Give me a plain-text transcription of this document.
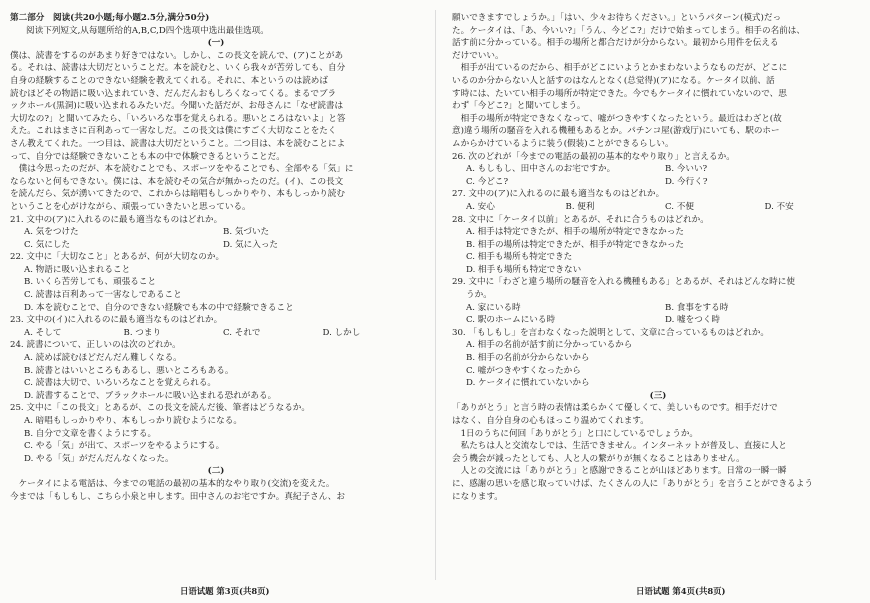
第二部分　阅读(共20小题;每小题2.5分,满分50分)
阅读下列短文,从每题所给的A,B,C,D四个选项中选出最佳选项。
(一)
僕は、読書をするのがあまり好きではない。しかし、この長文を読んで、(ア)ことがあ
る。それは、読書は大切だということだ。本を読むと、いくら我々が苦労しても、自分
自身の経験することのできない経験を教えてくれる。それに、本というのは読めば
読むほどその物語に吸い込まれていき、だんだんおもしろくなってくる。まるでブラ
ックホール(黒洞)に吸い込まれるみたいだ。今聞いた話だが、お母さんに「なぜ読書は
大切なの?」と聞いてみたら、「いろいろな事を覚えられる。悪いところはないよ」と答
えた。これはまさに百利あって一害なしだ。この長文は僕にすごく大切なことをたく
さん教えてくれた。一つ目は、読書は大切だということ。二つ目は、本を読むことによ
って、自分では経験できないことも本の中で体験できるということだ。
　僕は今思ったのだが、本を読むことでも、スポーツをやることでも、全部やる「気」に
ならないと何もできない。僕には、本を読むその気合が無かったのだ。(イ)、この長文
を読んだら、気が湧いてきたので、これからは暗唱もしっかりやり、本もしっかり読む
ということを心がけながら、頑張っていきたいと思っている。
21. 文中の(ア)に入れるのに最も適当なものはどれか。
A. 気をつけた	B. 気づいた
C. 気にした	D. 気に入った
22. 文中に「大切なこと」とあるが、何が大切なのか。
A. 物語に吸い込まれること
B. いくら苦労しても、頑張ること
C. 読書は百利あって一害なしであること
D. 本を読むことで、自分のできない経験でも本の中で経験できること
23. 文中の(イ)に入れるのに最も適当なものはどれか。
A. そして	B. つまり	C. それで	D. しかし
24. 読書について、正しいのは次のどれか。
A. 読めば読むほどだんだん難しくなる。
B. 読書とはいいところもあるし、悪いところもある。
C. 読書は大切で、いろいろなことを覚えられる。
D. 読書することで、ブラックホールに吸い込まれる恐れがある。
25. 文中に「この長文」とあるが、この長文を読んだ後、筆者はどうなるか。
A. 暗唱もしっかりやり、本もしっかり読むようになる。
B. 自分で文章を書くようにする。
C. やる「気」が出て、スポーツをやるようにする。
D. やる「気」がだんだんなくなった。
(二)
　ケータイによる電話は、今までの電話の最初の基本的なやり取り(交流)を変えた。
今までは「もしもし、こちら小泉と申します。田中さんのお宅ですか。真紀子さん、お
願いできますでしょうか。」「はい、少々お待ちください。」というパターン(模式)だっ
た。ケータイは、「あ、今いい?」「うん、今どこ?」だけで始まってしまう。相手の名前は、
話す前に分かっている。相手の場所と都合だけが分からない。最初から用件を伝える
だけでいい。
　相手が出ているのだから、相手がどこにいようとかまわないようなものだが、どこに
いるのか分からない人と話すのはなんとなく(总觉得)(ア)になる。ケータイ以前、話
す時には、たいてい相手の場所が特定できた。今でもケータイに慣れていないので、思
わず「今どこ?」と聞いてしまう。
　相手の場所が特定できなくなって、嘘がつきやすくなったという。最近はわざと(故
意)違う場所の騒音を入れる機種もあるとか。パチンコ屋(游戏厅)にいても、駅のホー
ムからかけているように装う(假装)ことができるらしい。
26. 次のどれが「今までの電話の最初の基本的なやり取り」と言えるか。
A. もしもし、田中さんのお宅ですか。	B. 今いい?
C. 今どこ?	D. 今行く?
27. 文中の(ア)に入れるのに最も適当なものはどれか。
A. 安心	B. 便利	C. 不便	D. 不安
28. 文中に「ケータイ以前」とあるが、それに合うものはどれか。
A. 相手は特定できたが、相手の場所が特定できなかった
B. 相手の場所は特定できたが、相手が特定できなかった
C. 相手も場所も特定できた
D. 相手も場所も特定できない
29. 文中に「わざと違う場所の騒音を入れる機種もある」とあるが、それはどんな時に使
うか。
A. 家にいる時	B. 食事をする時
C. 駅のホームにいる時	D. 嘘をつく時
30. 「もしもし」を言わなくなった説明として、文章に合っているものはどれか。
A. 相手の名前が話す前に分かっているから
B. 相手の名前が分からないから
C. 嘘がつきやすくなったから
D. ケータイに慣れていないから
(三)
「ありがとう」と言う時の表情は柔らかくて優しくて、美しいものです。相手だけで
はなく、自分自身の心もほっこり温めてくれます。
　1日のうちに何回「ありがとう」と口にしているでしょうか。
　私たちは人と交流なしでは、生活できません。インターネットが普及し、直接に人と
会う機会が減ったとしても、人と人の繋がりが無くなることはありません。
　人との交流には「ありがとう」と感謝できることが山ほどあります。日常の一瞬一瞬
に、感謝の思いを感じ取っていけば、たくさんの人に「ありがとう」を言うことができるよう
になります。
日语试题 第3页(共8页)	日语试题 第4页(共8页)
